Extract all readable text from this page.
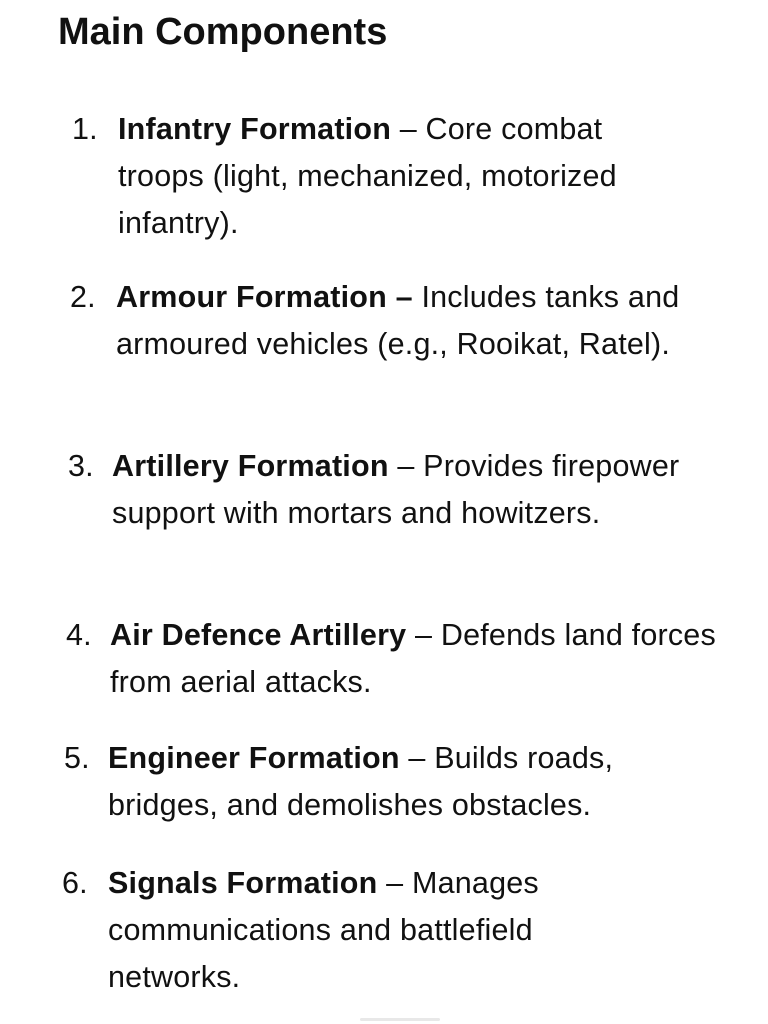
Main Components
1. Infantry Formation – Core combat troops (light, mechanized, motorized infantry).
2. Armour Formation – Includes tanks and armoured vehicles (e.g., Rooikat, Ratel).
3. Artillery Formation – Provides firepower support with mortars and howitzers.
4. Air Defence Artillery – Defends land forces from aerial attacks.
5. Engineer Formation – Builds roads, bridges, and demolishes obstacles.
6. Signals Formation – Manages communications and battlefield networks.
